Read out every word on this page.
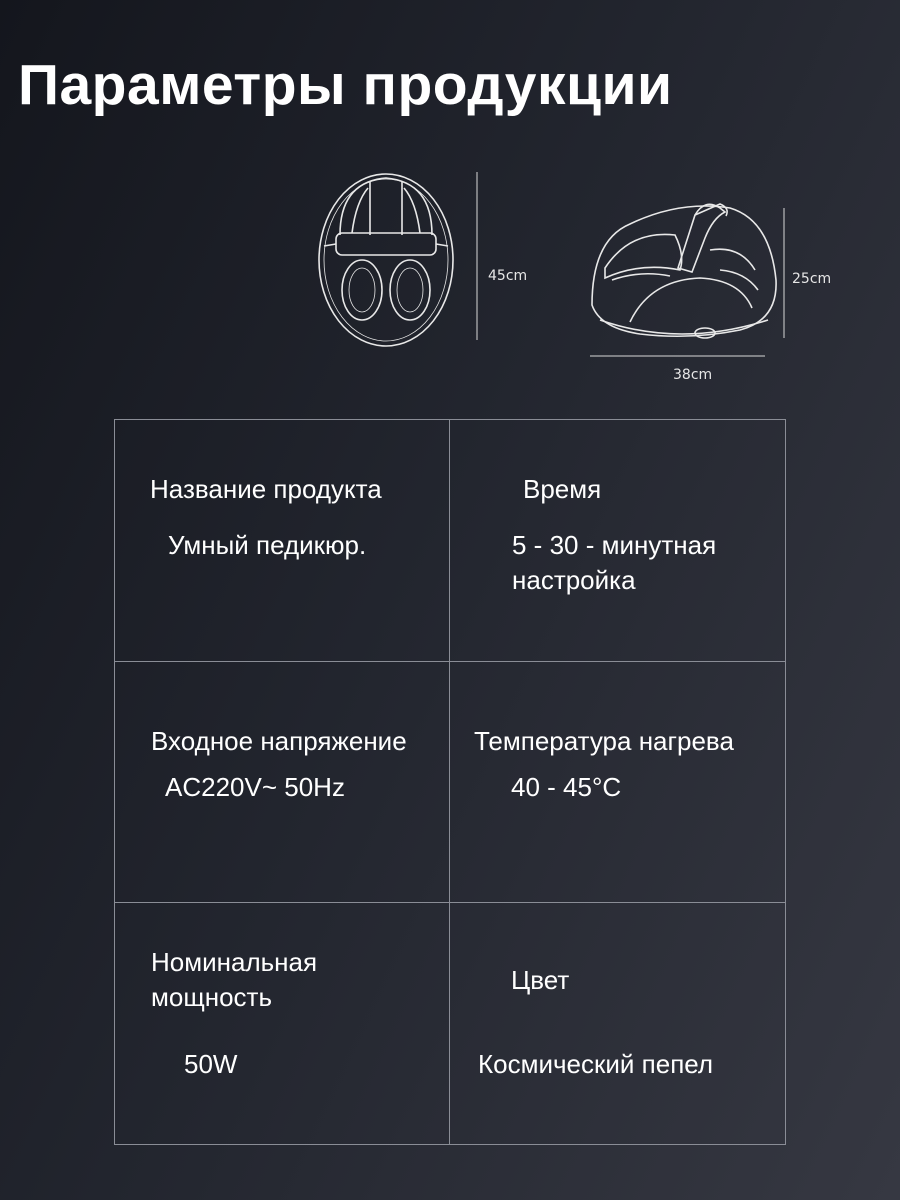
Параметры продукции
45cm	25cm
38cm

Название продукта

Умный педикюр.

Время

5 - 30 - минутная настройка

Входное напряжение

AC220V~ 50Hz

Температура нагрева

40 - 45°C

Номинальная мощность

50W

Цвет

Космический пепел
